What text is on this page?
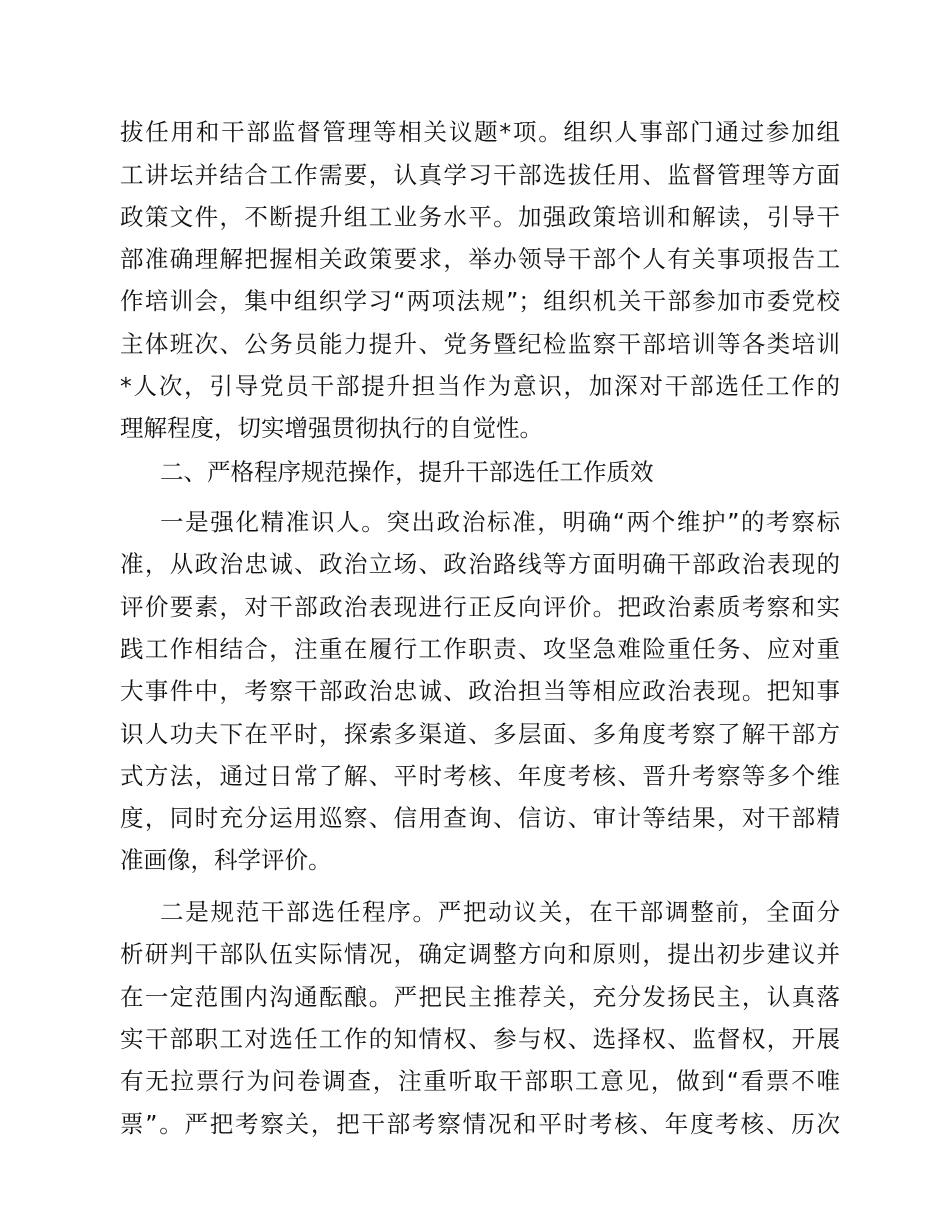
拔任用和干部监督管理等相关议题*项。组织人事部门通过参加组
工讲坛并结合工作需要，认真学习干部选拔任用、监督管理等方面
政策文件，不断提升组工业务水平。加强政策培训和解读，引导干
部准确理解把握相关政策要求，举办领导干部个人有关事项报告工
作培训会，集中组织学习“两项法规”；组织机关干部参加市委党校
主体班次、公务员能力提升、党务暨纪检监察干部培训等各类培训
*人次，引导党员干部提升担当作为意识，加深对干部选任工作的
理解程度，切实增强贯彻执行的自觉性。
二、严格程序规范操作，提升干部选任工作质效
一是强化精准识人。突出政治标准，明确“两个维护”的考察标
准，从政治忠诚、政治立场、政治路线等方面明确干部政治表现的
评价要素，对干部政治表现进行正反向评价。把政治素质考察和实
践工作相结合，注重在履行工作职责、攻坚急难险重任务、应对重
大事件中，考察干部政治忠诚、政治担当等相应政治表现。把知事
识人功夫下在平时，探索多渠道、多层面、多角度考察了解干部方
式方法，通过日常了解、平时考核、年度考核、晋升考察等多个维
度，同时充分运用巡察、信用查询、信访、审计等结果，对干部精
准画像，科学评价。
二是规范干部选任程序。严把动议关，在干部调整前，全面分
析研判干部队伍实际情况，确定调整方向和原则，提出初步建议并
在一定范围内沟通酝酿。严把民主推荐关，充分发扬民主，认真落
实干部职工对选任工作的知情权、参与权、选择权、监督权，开展
有无拉票行为问卷调查，注重听取干部职工意见，做到“看票不唯
票”。严把考察关，把干部考察情况和平时考核、年度考核、历次
